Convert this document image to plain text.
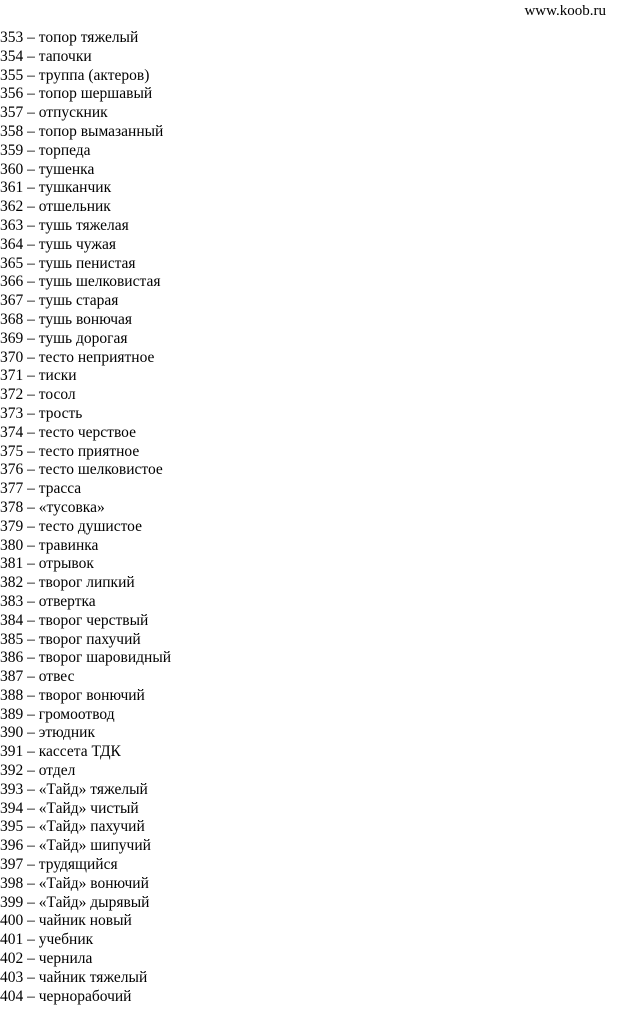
www.koob.ru
353 – топор тяжелый
354 – тапочки
355 – труппа (актеров)
356 – топор шершавый
357 – отпускник
358 – топор вымазанный
359 – торпеда
360 – тушенка
361 – тушканчик
362 – отшельник
363 – тушь тяжелая
364 – тушь чужая
365 – тушь пенистая
366 – тушь шелковистая
367 – тушь старая
368 – тушь вонючая
369 – тушь дорогая
370 – тесто неприятное
371 – тиски
372 – тосол
373 – трость
374 – тесто черствое
375 – тесто приятное
376 – тесто шелковистое
377 – трасса
378 – «тусовка»
379 – тесто душистое
380 – травинка
381 – отрывок
382 – творог липкий
383 – отвертка
384 – творог черствый
385 – творог пахучий
386 – творог шаровидный
387 – отвес
388 – творог вонючий
389 – громоотвод
390 – этюдник
391 – кассета ТДК
392 – отдел
393 – «Тайд» тяжелый
394 – «Тайд» чистый
395 – «Тайд» пахучий
396 – «Тайд» шипучий
397 – трудящийся
398 – «Тайд» вонючий
399 – «Тайд» дырявый
400 – чайник новый
401 – учебник
402 – чернила
403 – чайник тяжелый
404 – чернорабочий
